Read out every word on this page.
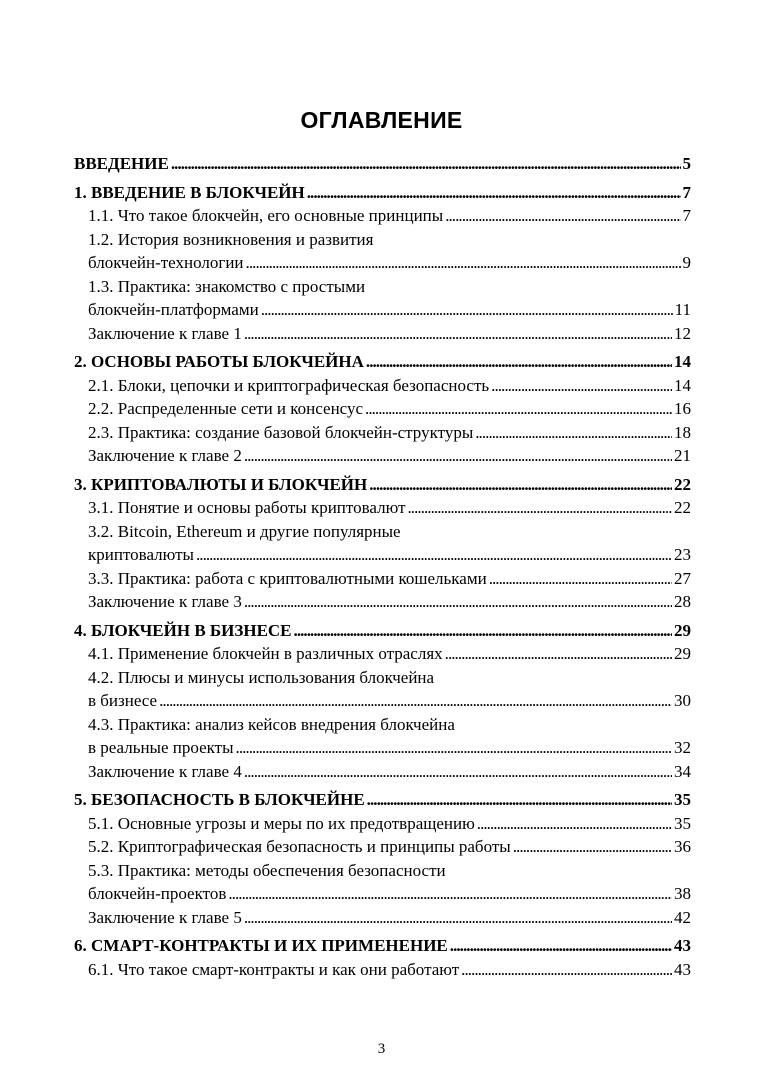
ОГЛАВЛЕНИЕ
ВВЕДЕНИЕ . . .	5
1. ВВЕДЕНИЕ В БЛОКЧЕЙН . . .	7
1.1. Что такое блокчейн, его основные принципы . . .	7
1.2. История возникновения и развития
блокчейн-технологии . . .	9
1.3. Практика: знакомство с простыми
блокчейн-платформами . . .	11
Заключение к главе 1 . . .	12
2. ОСНОВЫ РАБОТЫ БЛОКЧЕЙНА . . .	14
2.1. Блоки, цепочки и криптографическая безопасность . . .	14
2.2. Распределенные сети и консенсус . . .	16
2.3. Практика: создание базовой блокчейн-структуры . . .	18
Заключение к главе 2 . . .	21
3. КРИПТОВАЛЮТЫ И БЛОКЧЕЙН . . .	22
3.1. Понятие и основы работы криптовалют . . .	22
3.2. Bitcoin, Ethereum и другие популярные
криптовалюты . . .	23
3.3. Практика: работа с криптовалютными кошельками . . .	27
Заключение к главе 3 . . .	28
4. БЛОКЧЕЙН В БИЗНЕСЕ . . .	29
4.1. Применение блокчейн в различных отраслях . . .	29
4.2. Плюсы и минусы использования блокчейна
в бизнесе . . .	30
4.3. Практика: анализ кейсов внедрения блокчейна
в реальные проекты . . .	32
Заключение к главе 4 . . .	34
5. БЕЗОПАСНОСТЬ В БЛОКЧЕЙНЕ . . .	35
5.1. Основные угрозы и меры по их предотвращению . . .	35
5.2. Криптографическая безопасность и принципы работы . . .	36
5.3. Практика: методы обеспечения безопасности
блокчейн-проектов . . .	38
Заключение к главе 5 . . .	42
6. СМАРТ-КОНТРАКТЫ И ИХ ПРИМЕНЕНИЕ . . .	43
6.1. Что такое смарт-контракты и как они работают . . .	43
3
